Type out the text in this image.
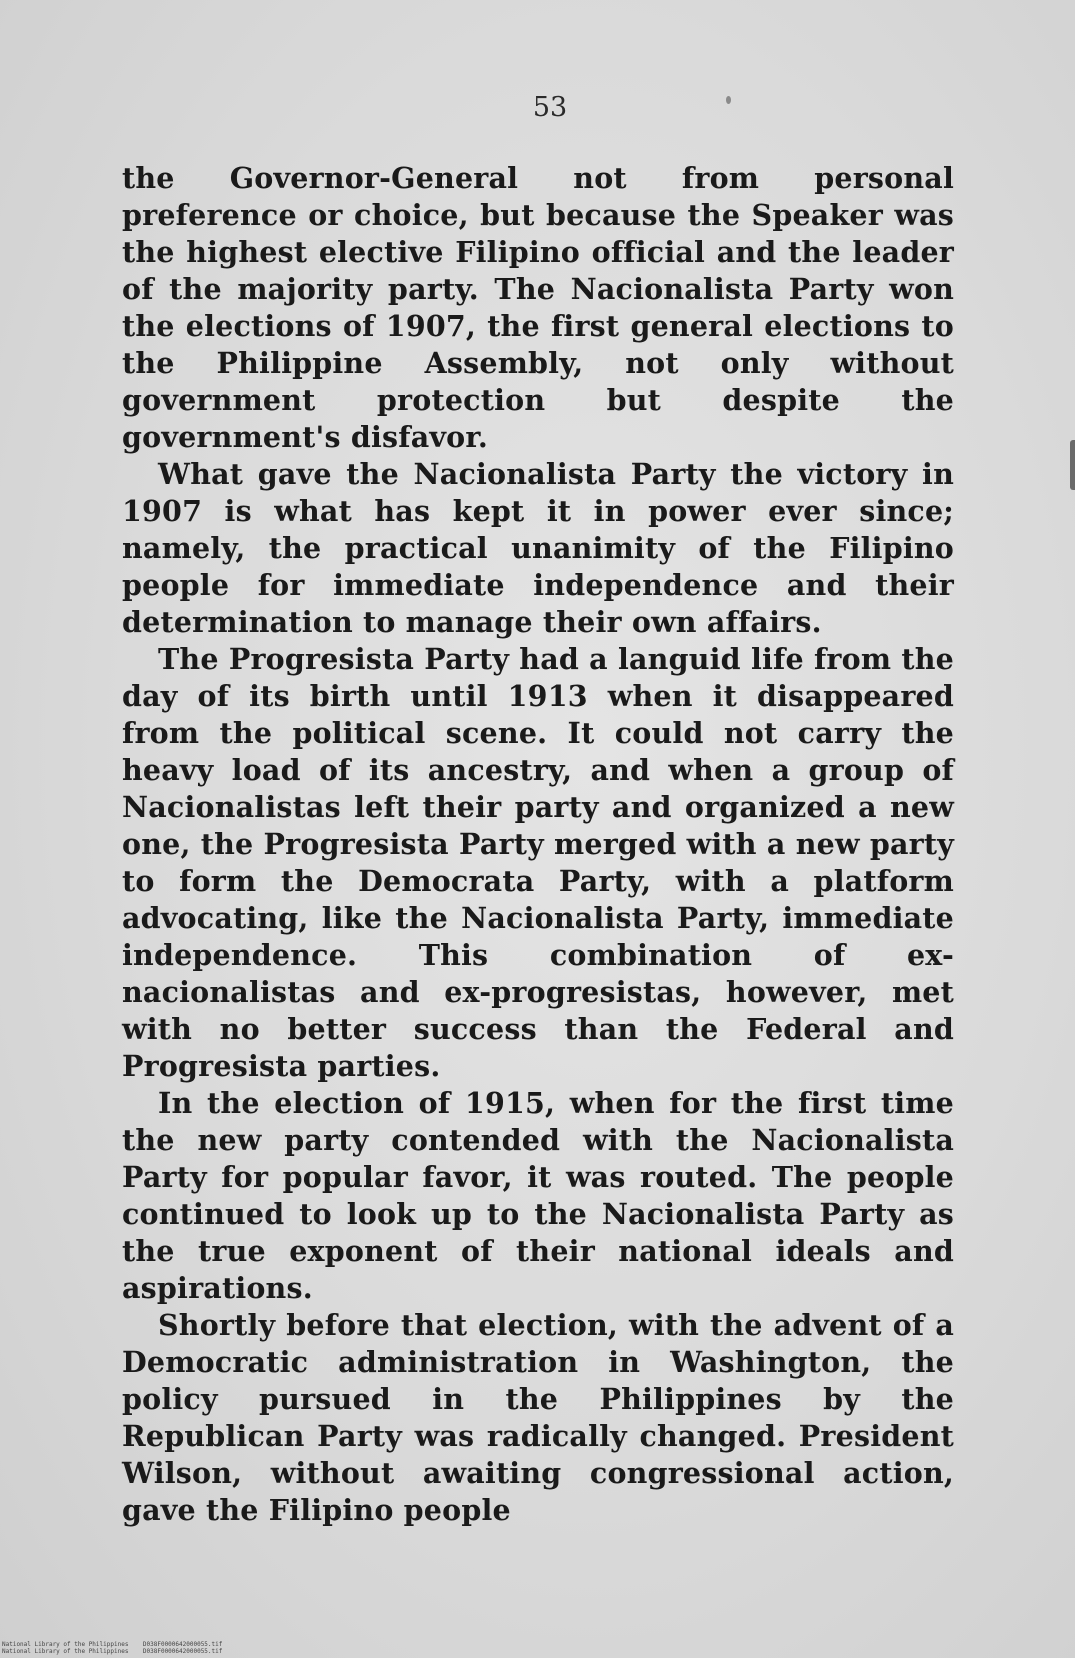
53

the Governor-General not from personal preference or choice, but because the Speaker was the highest elective Filipino official and the leader of the majority party. The Nacionalista Party won the elections of 1907, the first general elections to the Philippine Assembly, not only without government protection but despite the government's disfavor.

What gave the Nacionalista Party the victory in 1907 is what has kept it in power ever since; namely, the practical unanimity of the Filipino people for immediate independence and their determination to manage their own affairs.

The Progresista Party had a languid life from the day of its birth until 1913 when it disappeared from the political scene. It could not carry the heavy load of its ancestry, and when a group of Nacionalistas left their party and organized a new one, the Progresista Party merged with a new party to form the Democrata Party, with a platform advocating, like the Nacionalista Party, immediate independence. This combination of ex-nacionalistas and ex-progresistas, however, met with no better success than the Federal and Progresista parties.

In the election of 1915, when for the first time the new party contended with the Nacionalista Party for popular favor, it was routed. The people continued to look up to the Nacionalista Party as the true exponent of their national ideals and aspirations.

Shortly before that election, with the advent of a Democratic administration in Washington, the policy pursued in the Philippines by the Republican Party was radically changed. President Wilson, without awaiting congressional action, gave the Filipino people

National Library of the Philippines D038F0000642000055.tif
National Library of the Philippines D038F0000642000055.tif
